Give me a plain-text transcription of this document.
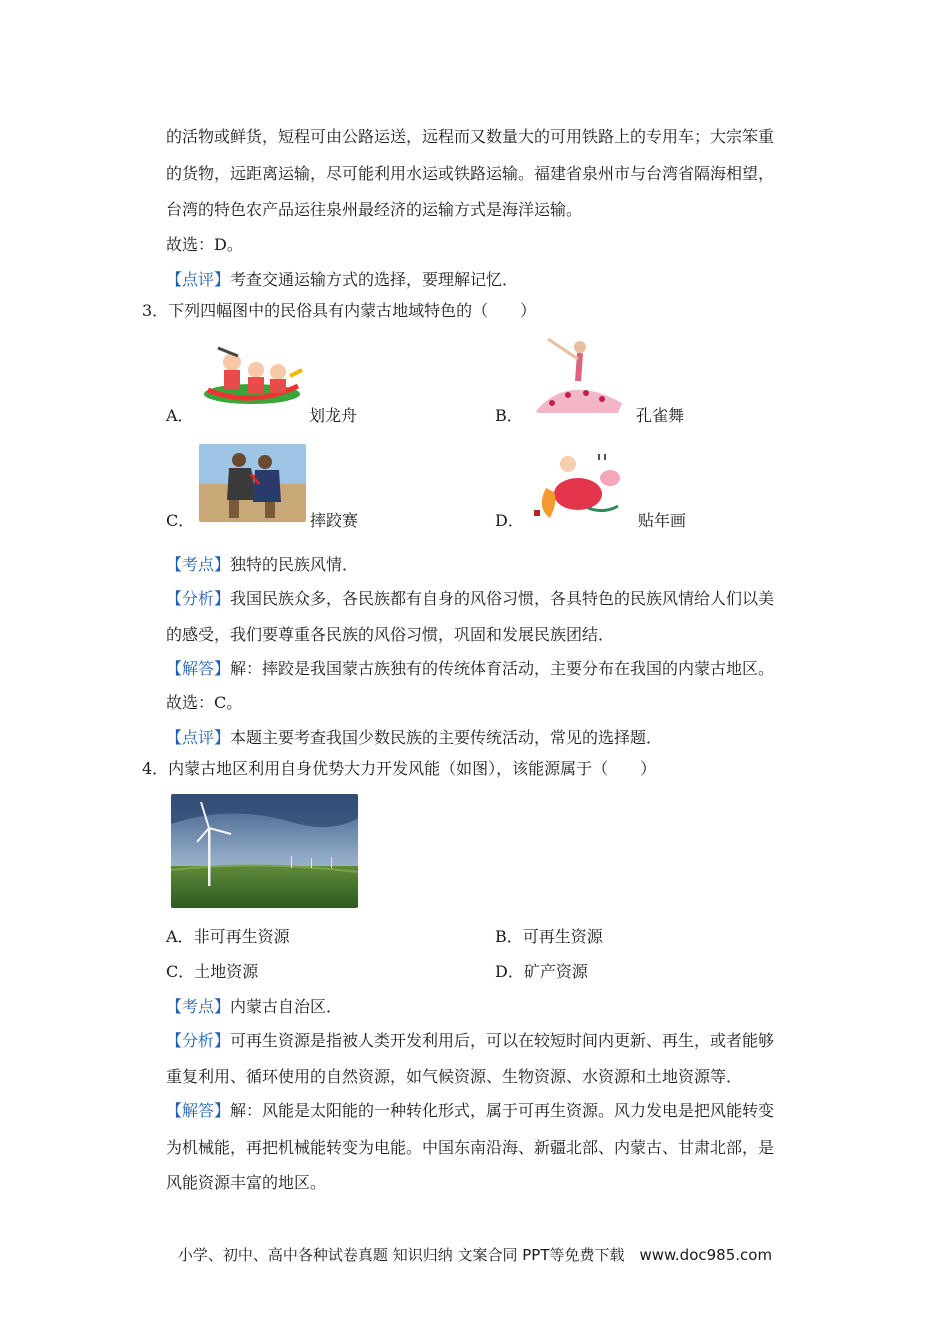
的活物或鲜货，短程可由公路运送，远程而又数量大的可用铁路上的专用车；大宗笨重
的货物，远距离运输，尽可能利用水运或铁路运输。福建省泉州市与台湾省隔海相望，
台湾的特色农产品运往泉州最经济的运输方式是海洋运输。
故选：D。
【点评】考查交通运输方式的选择，要理解记忆．
3．下列四幅图中的民俗具有内蒙古地域特色的（　　）
A．	划龙舟	B．	孔雀舞
C．	摔跤赛	D．	贴年画
【考点】独特的民族风情．
【分析】我国民族众多，各民族都有自身的风俗习惯，各具特色的民族风情给人们以美
的感受，我们要尊重各民族的风俗习惯，巩固和发展民族团结．
【解答】解：摔跤是我国蒙古族独有的传统体育活动，主要分布在我国的内蒙古地区。
故选：C。
【点评】本题主要考查我国少数民族的主要传统活动，常见的选择题．
4．内蒙古地区利用自身优势大力开发风能（如图），该能源属于（　　）
A．非可再生资源	B．可再生资源
C．土地资源	D．矿产资源
【考点】内蒙古自治区．
【分析】可再生资源是指被人类开发利用后，可以在较短时间内更新、再生，或者能够
重复利用、循环使用的自然资源，如气候资源、生物资源、水资源和土地资源等．
【解答】解：风能是太阳能的一种转化形式，属于可再生资源。风力发电是把风能转变
为机械能，再把机械能转变为电能。中国东南沿海、新疆北部、内蒙古、甘肃北部，是
风能资源丰富的地区。
小学、初中、高中各种试卷真题 知识归纳 文案合同 PPT等免费下载　www.doc985.com
